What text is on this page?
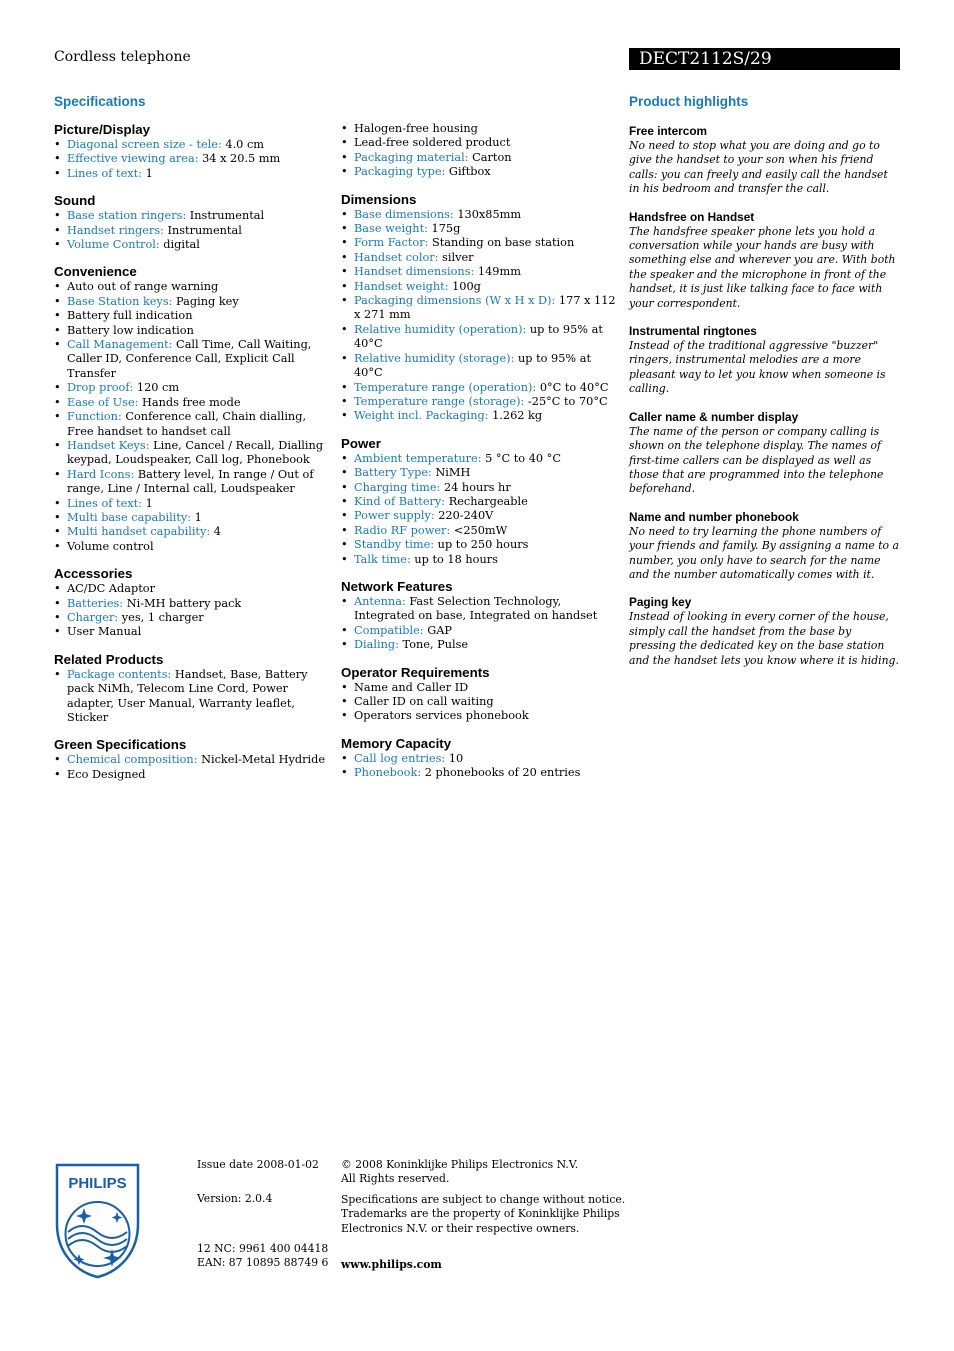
Cordless telephone	DECT2112S/29
Specifications	Product highlights
Picture/Display
• Diagonal screen size - tele: 4.0 cm
• Effective viewing area: 34 x 20.5 mm
• Lines of text: 1
Sound
• Base station ringers: Instrumental
• Handset ringers: Instrumental
• Volume Control: digital
Convenience
• Auto out of range warning
• Base Station keys: Paging key
• Battery full indication
• Battery low indication
• Call Management: Call Time, Call Waiting, Caller ID, Conference Call, Explicit Call Transfer
• Drop proof: 120 cm
• Ease of Use: Hands free mode
• Function: Conference call, Chain dialling, Free handset to handset call
• Handset Keys: Line, Cancel / Recall, Dialling keypad, Loudspeaker, Call log, Phonebook
• Hard Icons: Battery level, In range / Out of range, Line / Internal call, Loudspeaker
• Lines of text: 1
• Multi base capability: 1
• Multi handset capability: 4
• Volume control
Accessories
• AC/DC Adaptor
• Batteries: Ni-MH battery pack
• Charger: yes, 1 charger
• User Manual
Related Products
• Package contents: Handset, Base, Battery pack NiMh, Telecom Line Cord, Power adapter, User Manual, Warranty leaflet, Sticker
Green Specifications
• Chemical composition: Nickel-Metal Hydride
• Eco Designed
• Halogen-free housing
• Lead-free soldered product
• Packaging material: Carton
• Packaging type: Giftbox
Dimensions
• Base dimensions: 130x85mm
• Base weight: 175g
• Form Factor: Standing on base station
• Handset color: silver
• Handset dimensions: 149mm
• Handset weight: 100g
• Packaging dimensions (W x H x D): 177 x 112 x 271 mm
• Relative humidity (operation): up to 95% at 40°C
• Relative humidity (storage): up to 95% at 40°C
• Temperature range (operation): 0°C to 40°C
• Temperature range (storage): -25°C to 70°C
• Weight incl. Packaging: 1.262 kg
Power
• Ambient temperature: 5 °C to 40 °C
• Battery Type: NiMH
• Charging time: 24 hours hr
• Kind of Battery: Rechargeable
• Power supply: 220-240V
• Radio RF power: <250mW
• Standby time: up to 250 hours
• Talk time: up to 18 hours
Network Features
• Antenna: Fast Selection Technology, Integrated on base, Integrated on handset
• Compatible: GAP
• Dialing: Tone, Pulse
Operator Requirements
• Name and Caller ID
• Caller ID on call waiting
• Operators services phonebook
Memory Capacity
• Call log entries: 10
• Phonebook: 2 phonebooks of 20 entries
Free intercom
No need to stop what you are doing and go to give the handset to your son when his friend calls: you can freely and easily call the handset in his bedroom and transfer the call.
Handsfree on Handset
The handsfree speaker phone lets you hold a conversation while your hands are busy with something else and wherever you are. With both the speaker and the microphone in front of the handset, it is just like talking face to face with your correspondent.
Instrumental ringtones
Instead of the traditional aggressive "buzzer" ringers, instrumental melodies are a more pleasant way to let you know when someone is calling.
Caller name & number display
The name of the person or company calling is shown on the telephone display. The names of first-time callers can be displayed as well as those that are programmed into the telephone beforehand.
Name and number phonebook
No need to try learning the phone numbers of your friends and family. By assigning a name to a number, you only have to search for the name and the number automatically comes with it.
Paging key
Instead of looking in every corner of the house, simply call the handset from the base by pressing the dedicated key on the base station and the handset lets you know where it is hiding.
PHILIPS
Issue date 2008-01-02
Version: 2.0.4
12 NC: 9961 400 04418
EAN: 87 10895 88749 6
© 2008 Koninklijke Philips Electronics N.V.
All Rights reserved.
Specifications are subject to change without notice.
Trademarks are the property of Koninklijke Philips
Electronics N.V. or their respective owners.
www.philips.com
